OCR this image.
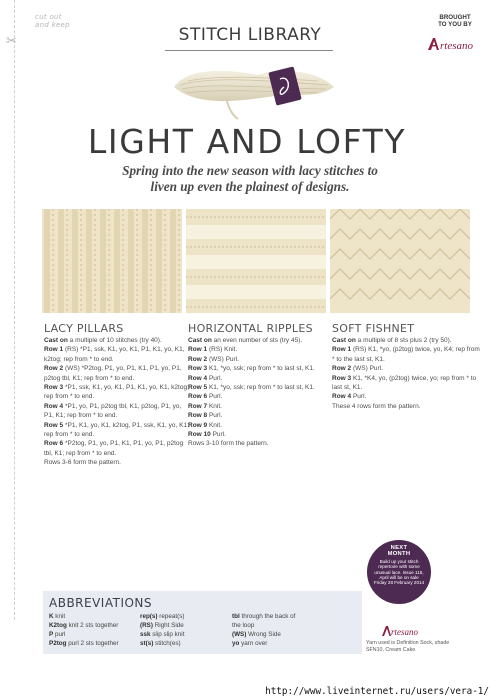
✂
cut out
and keep	STITCH LIBRARY
BROUGHT
TO YOU BY
rtesano
LIGHT AND LOFTY
Spring into the new season with lacy stitches to
liven up even the plainest of designs.
LACY PILLARS

Cast on a multiple of 10 stitches (try 40).

Row 1 (RS) *P1, ssk, K1, yo, K1, P1, K1, yo, K1, k2tog; rep from * to end.

Row 2 (WS) *P2tog, P1, yo, P1, K1, P1, yo, P1, p2tog tbl, K1; rep from * to end.

Row 3 *P1, ssk, K1, yo, K1, P1, K1, yo, K1, k2tog; rep from * to end.

Row 4 *P1, yo, P1, p2tog tbl, K1, p2tog, P1, yo, P1, K1; rep from * to end.

Row 5 *P1, K1, yo, K1, k2tog, P1, ssk, K1, yo, K1; rep from * to end.

Row 6 *P2tog, P1, yo, P1, K1, P1, yo, P1, p2tog tbl, K1; rep from * to end.

Rows 3-6 form the pattern.

HORIZONTAL RIPPLES

Cast on an even number of sts (try 45).

Row 1 (RS) Knit.

Row 2 (WS) Purl.

Row 3 K1, *yo, ssk; rep from * to last st, K1.

Row 4 Purl.

Row 5 K1, *yo, ssk; rep from * to last st, K1.

Row 6 Purl.

Row 7 Knit.

Row 8 Purl.

Row 9 Knit.

Row 10 Purl.

Rows 3-10 form the pattern.

SOFT FISHNET

Cast on a multiple of 8 sts plus 2 (try 50).

Row 1 (RS) K1, *yo, (p2tog) twice, yo, K4; rep from * to the last st, K1.

Row 2 (WS) Purl.

Row 3 K1, *K4, yo, (p2tog) twice, yo; rep from * to last st, K1.

Row 4 Purl.

These 4 rows form the pattern.

NEXT
MONTH
Build up your stitch repertoire with some unusual lace. Issue 118, April will be on sale Friday 28 February 2014
ABBREVIATIONS
K knit
K2tog knit 2 sts together
P purl
P2tog purl 2 sts together
rep(s) repeat(s)
(RS) Right Side
ssk slip slip knit
st(s) stitch(es)
tbl through the back of
the loop
(WS) Wrong Side
yo yarn over
rtesano
Yarn used is Definition Sock, shade
SFN10, Cream Cake.
http://www.liveinternet.ru/users/vera-1/
